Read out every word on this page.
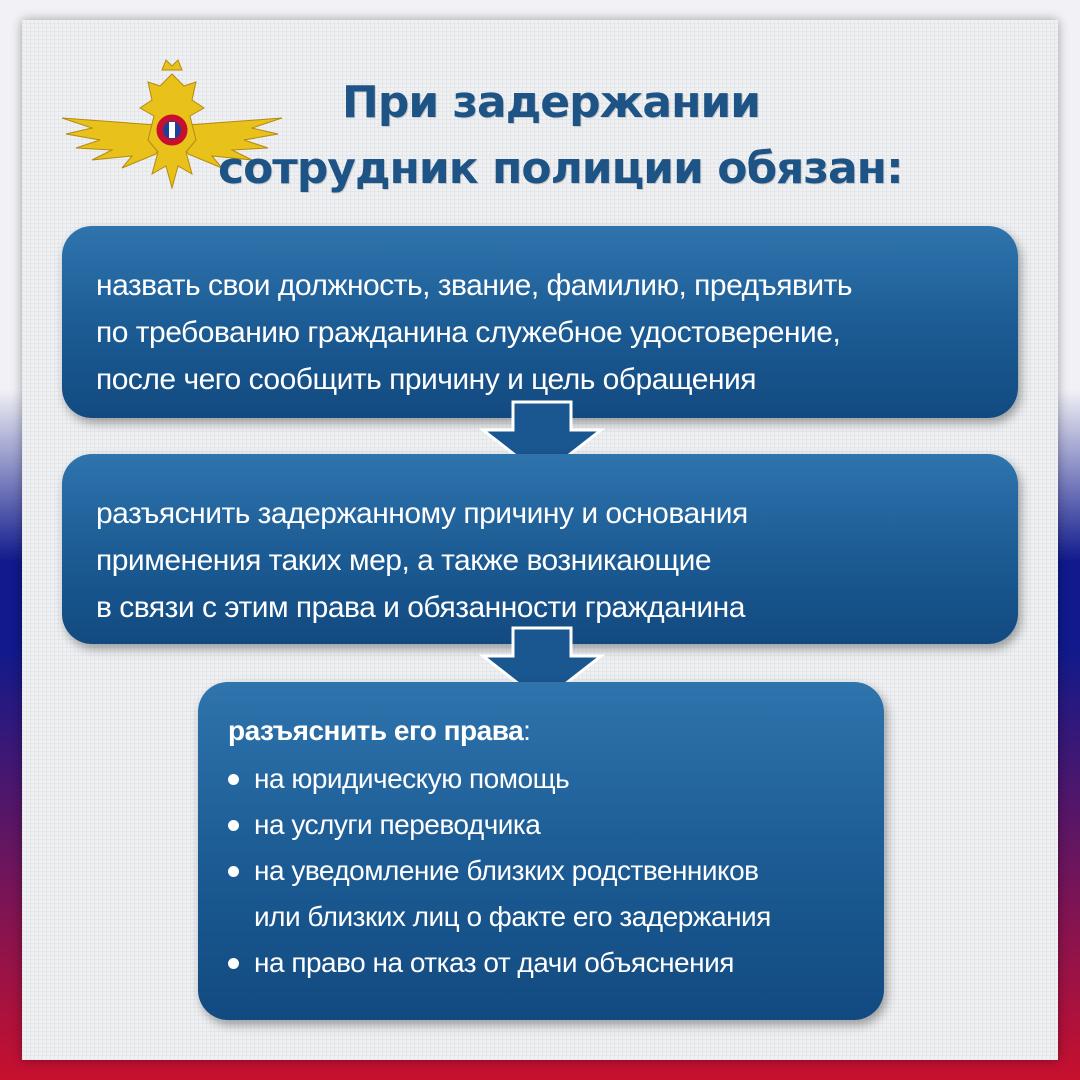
При задержании
сотрудник полиции обязан:
назвать свои должность, звание, фамилию, предъявить
по требованию гражданина служебное удостоверение,
после чего сообщить причину и цель обращения
разъяснить задержанному причину и основания
применения таких мер, а также возникающие
в связи с этим права и обязанности гражданина
разъяснить его права:
на юридическую помощь
на услуги переводчика
на уведомление близких родственников
или близких лиц о факте его задержания
на право на отказ от дачи объяснения
